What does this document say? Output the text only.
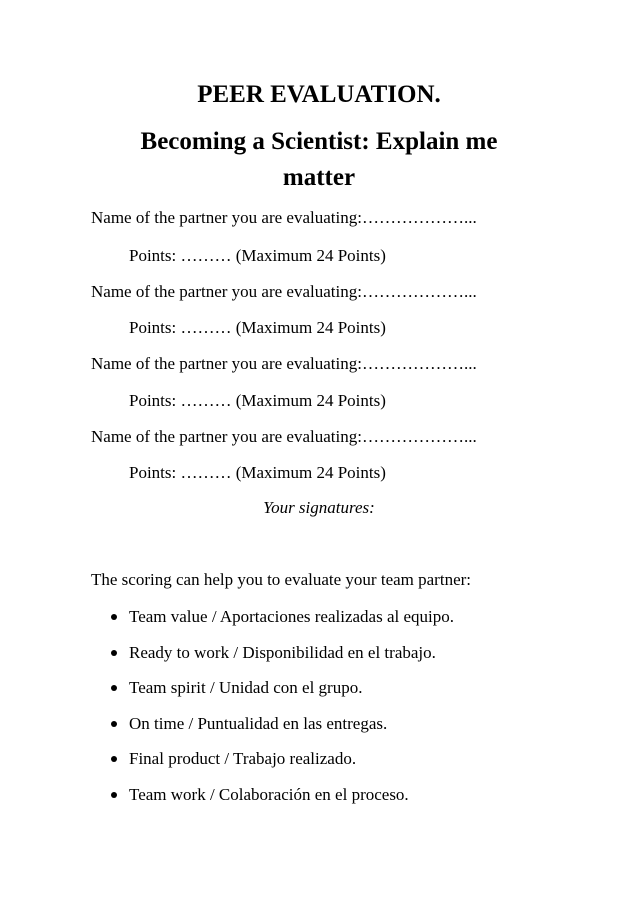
PEER EVALUATION.
Becoming a Scientist: Explain me
matter
Name of the partner you are evaluating:………………...
Points: ……… (Maximum 24 Points)
Name of the partner you are evaluating:………………...
Points: ……… (Maximum 24 Points)
Name of the partner you are evaluating:………………...
Points: ……… (Maximum 24 Points)
Name of the partner you are evaluating:………………...
Points: ……… (Maximum 24 Points)
Your signatures:
The scoring can help you to evaluate your team partner:
Team value / Aportaciones realizadas al equipo.
Ready to work / Disponibilidad en el trabajo.
Team spirit / Unidad con el grupo.
On time / Puntualidad en las entregas.
Final product / Trabajo realizado.
Team work / Colaboración en el proceso.
